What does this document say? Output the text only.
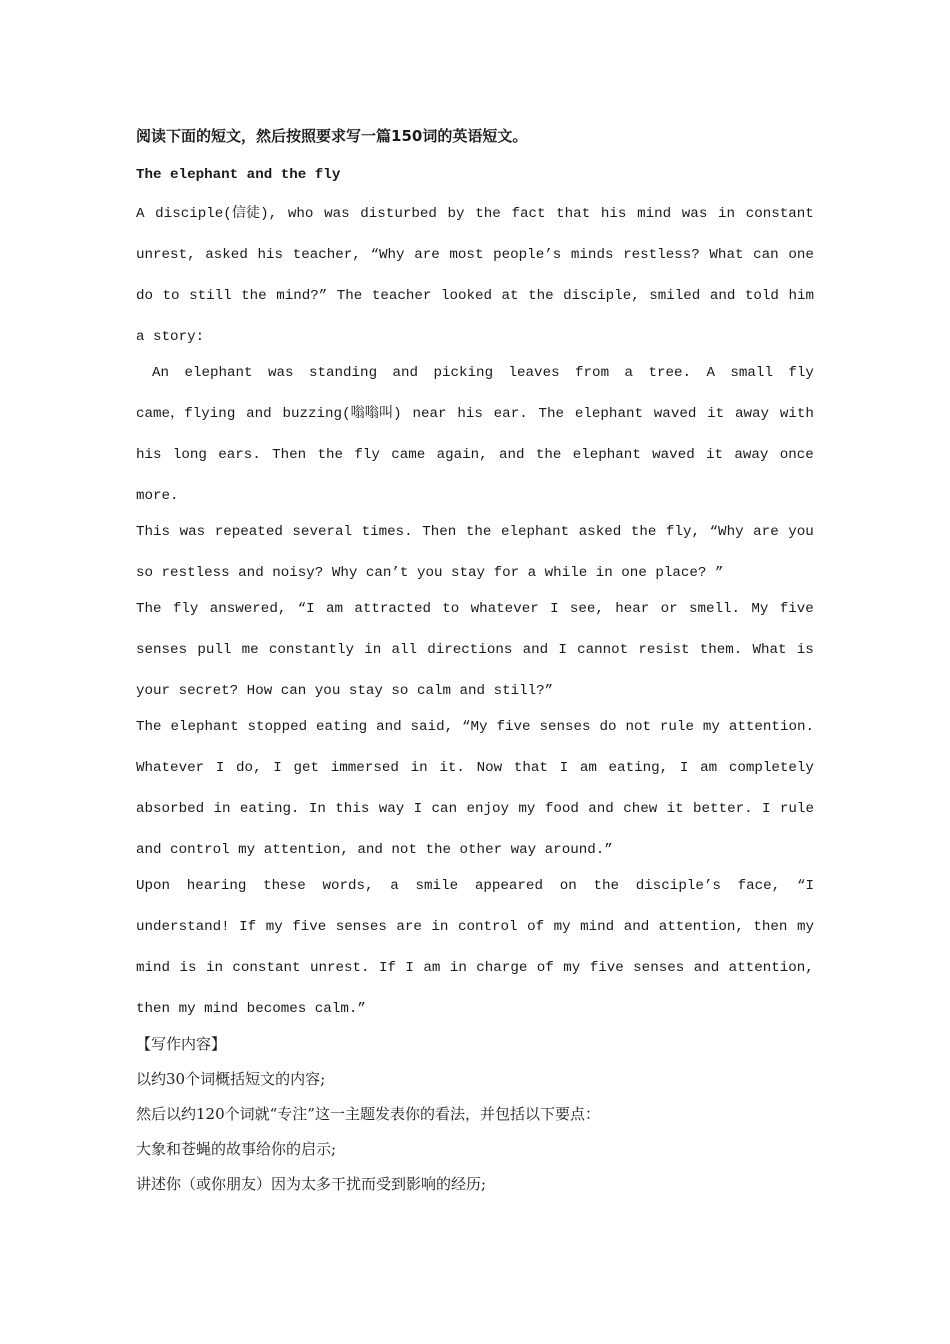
阅读下面的短文，然后按照要求写一篇150词的英语短文。
The elephant and the fly
A disciple(信徒), who was disturbed by the fact that his mind was in constant
unrest, asked his teacher, “Why are most people’s minds restless? What can one
do to still the mind?” The teacher looked at the disciple, smiled and told him
a story:
An elephant was standing and picking leaves from a tree. A small fly
came，flying and buzzing(嗡嗡叫) near his ear. The elephant waved it away with
his long ears. Then the fly came again, and the elephant waved it away once
more.
This was repeated several times. Then the elephant asked the fly, “Why are you
so restless and noisy? Why can’t you stay for a while in one place? ”
The fly answered, “I am attracted to whatever I see, hear or smell. My five
senses pull me constantly in all directions and I cannot resist them. What is
your secret? How can you stay so calm and still?”
The elephant stopped eating and said, “My five senses do not rule my attention.
Whatever I do, I get immersed in it. Now that I am eating, I am completely
absorbed in eating. In this way I can enjoy my food and chew it better. I rule
and control my attention, and not the other way around.”
Upon hearing these words, a smile appeared on the disciple’s face, “I
understand! If my five senses are in control of my mind and attention, then my
mind is in constant unrest. If I am in charge of my five senses and attention,
then my mind becomes calm.”
【写作内容】
以约30个词概括短文的内容;
然后以约120个词就“专注”这一主题发表你的看法，并包括以下要点：
大象和苍蝇的故事给你的启示;
讲述你（或你朋友）因为太多干扰而受到影响的经历;
